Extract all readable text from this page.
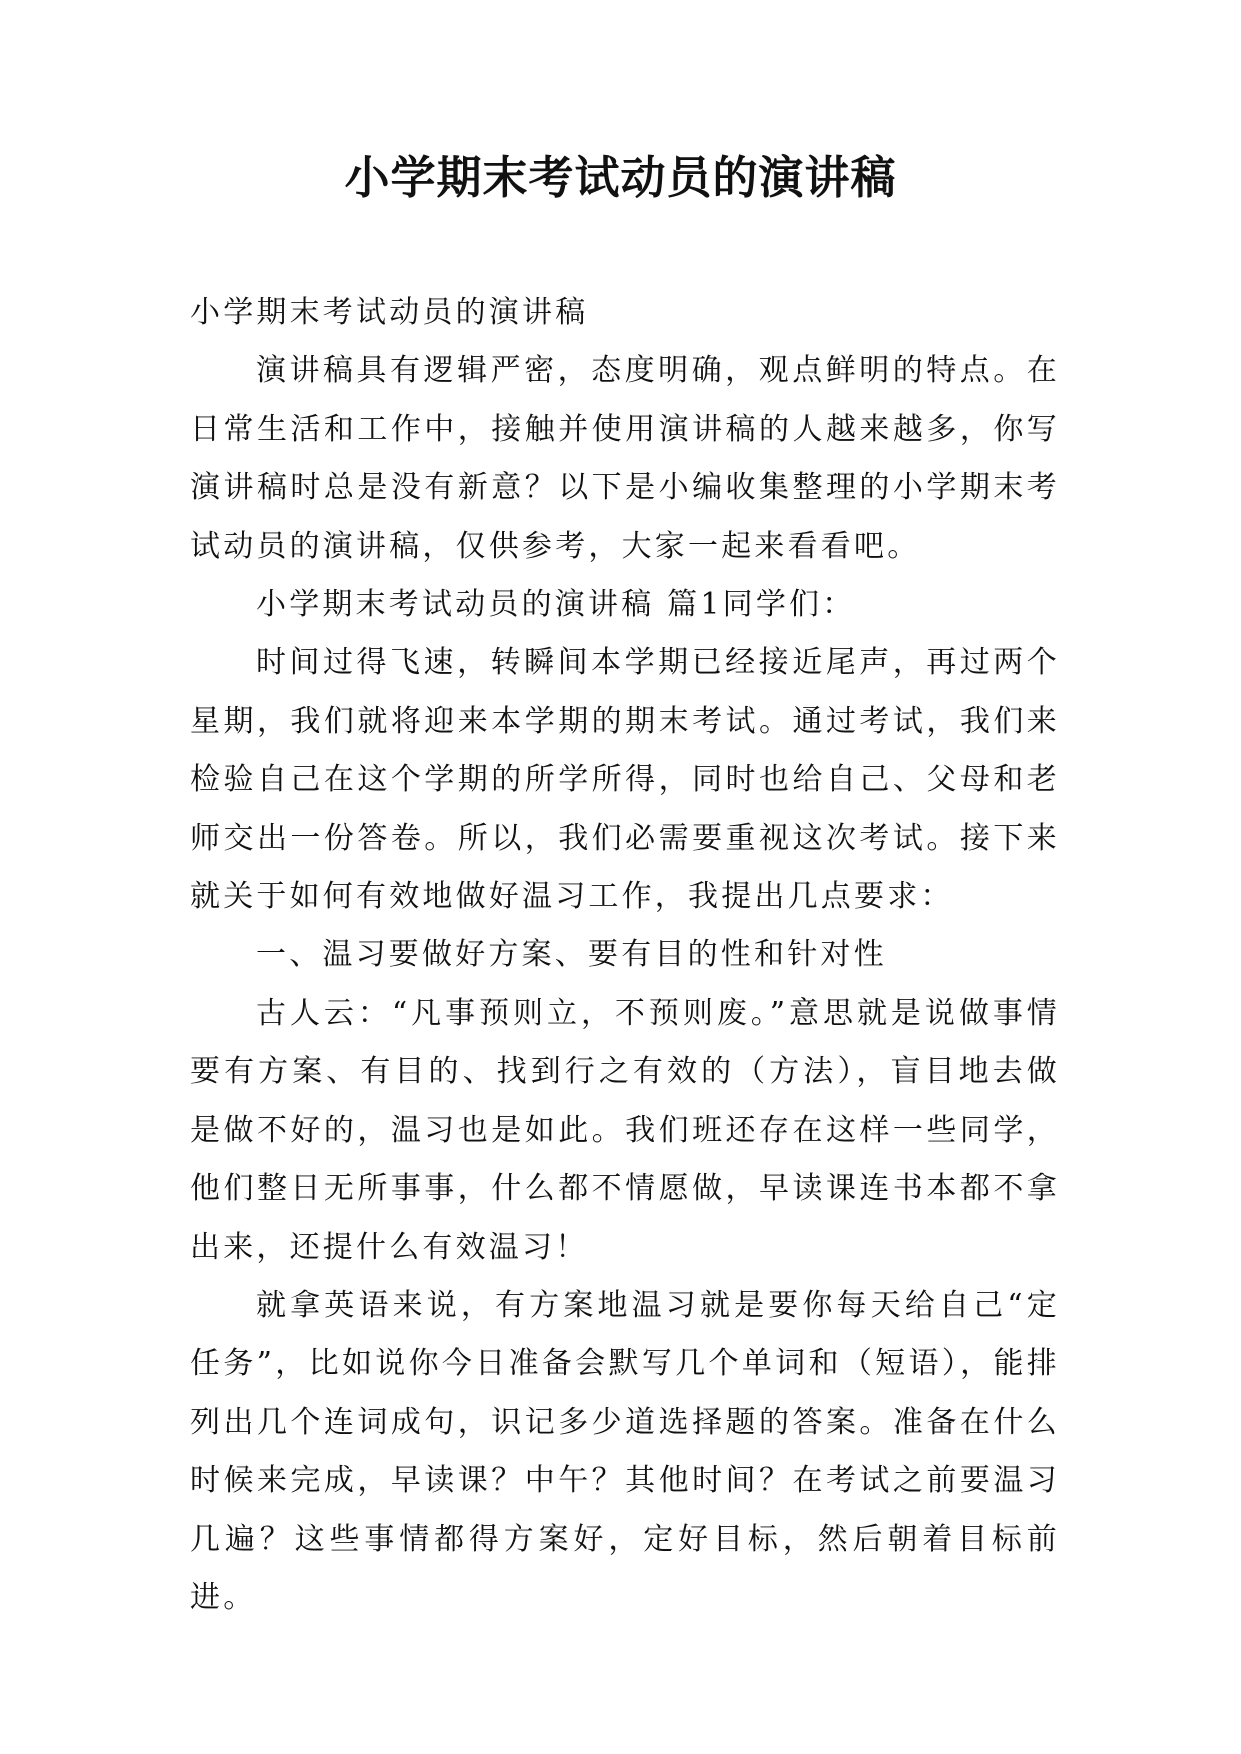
小学期末考试动员的演讲稿

小学期末考试动员的演讲稿

演讲稿具有逻辑严密，态度明确，观点鲜明的特点。在日常生活和工作中，接触并使用演讲稿的人越来越多，你写演讲稿时总是没有新意？以下是小编收集整理的小学期末考试动员的演讲稿，仅供参考，大家一起来看看吧。

小学期末考试动员的演讲稿 篇1同学们：

时间过得飞速，转瞬间本学期已经接近尾声，再过两个星期，我们就将迎来本学期的期末考试。通过考试，我们来检验自己在这个学期的所学所得，同时也给自己、父母和老师交出一份答卷。所以，我们必需要重视这次考试。接下来就关于如何有效地做好温习工作，我提出几点要求：

一、温习要做好方案、要有目的性和针对性

古人云：“凡事预则立，不预则废。”意思就是说做事情要有方案、有目的、找到行之有效的（方法），盲目地去做是做不好的，温习也是如此。我们班还存在这样一些同学，他们整日无所事事，什么都不情愿做，早读课连书本都不拿出来，还提什么有效温习！

就拿英语来说，有方案地温习就是要你每天给自己“定任务”，比如说你今日准备会默写几个单词和（短语），能排列出几个连词成句，识记多少道选择题的答案。准备在什么时候来完成，早读课？中午？其他时间？在考试之前要温习几遍？这些事情都得方案好，定好目标，然后朝着目标前进。
